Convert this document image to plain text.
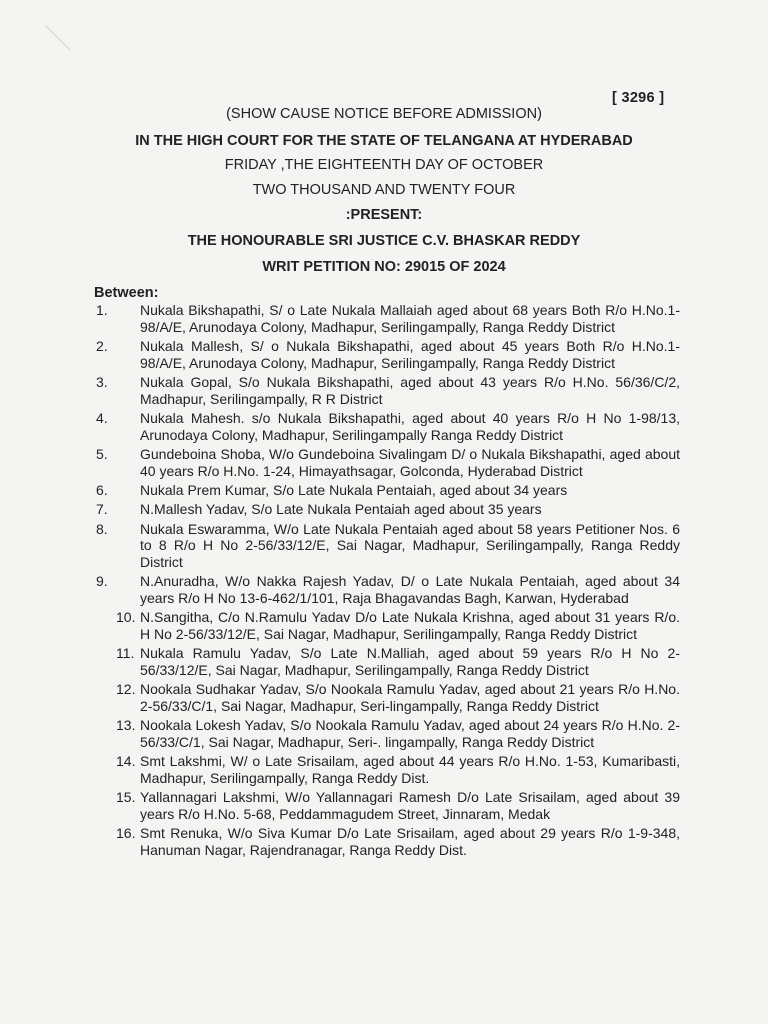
[ 3296 ]
(SHOW CAUSE NOTICE BEFORE ADMISSION)
IN THE HIGH COURT FOR THE STATE OF TELANGANA AT HYDERABAD
FRIDAY ,THE EIGHTEENTH DAY OF OCTOBER
TWO THOUSAND AND TWENTY FOUR
:PRESENT:
THE HONOURABLE SRI JUSTICE C.V. BHASKAR REDDY
WRIT PETITION NO: 29015 OF 2024
Between:
1.	Nukala Bikshapathi, S/ o Late Nukala Mallaiah aged about 68 years Both R/o H.No.1-98/A/E, Arunodaya Colony, Madhapur, Serilingampally, Ranga Reddy District
2.	Nukala Mallesh, S/ o Nukala Bikshapathi, aged about 45 years Both R/o H.No.1-98/A/E, Arunodaya Colony, Madhapur, Serilingampally, Ranga Reddy District
3.	Nukala Gopal, S/o Nukala Bikshapathi, aged about 43 years R/o H.No. 56/36/C/2, Madhapur, Serilingampally, R R District
4.	Nukala Mahesh. s/o Nukala Bikshapathi, aged about 40 years R/o H No 1-98/13, Arunodaya Colony, Madhapur, Serilingampally Ranga Reddy District
5.	Gundeboina Shoba, W/o Gundeboina Sivalingam D/ o Nukala Bikshapathi, aged about 40 years R/o H.No. 1-24, Himayathsagar, Golconda, Hyderabad District
6.	Nukala Prem Kumar, S/o Late Nukala Pentaiah, aged about 34 years
7.	N.Mallesh Yadav, S/o Late Nukala Pentaiah aged about 35 years
8.	Nukala Eswaramma, W/o Late Nukala Pentaiah aged about 58 years Petitioner Nos. 6 to 8 R/o H No 2-56/33/12/E, Sai Nagar, Madhapur, Serilingampally, Ranga Reddy District
9.	N.Anuradha, W/o Nakka Rajesh Yadav, D/ o Late Nukala Pentaiah, aged about 34 years R/o H No 13-6-462/1/101, Raja Bhagavandas Bagh, Karwan, Hyderabad
10. N.Sangitha, C/o N.Ramulu Yadav D/o Late Nukala Krishna, aged about 31 years R/o. H No 2-56/33/12/E, Sai Nagar, Madhapur, Serilingampally, Ranga Reddy District
11. Nukala Ramulu Yadav, S/o Late N.Malliah, aged about 59 years R/o H No 2-56/33/12/E, Sai Nagar, Madhapur, Serilingampally, Ranga Reddy District
12. Nookala Sudhakar Yadav, S/o Nookala Ramulu Yadav, aged about 21 years R/o H.No. 2-56/33/C/1, Sai Nagar, Madhapur, Seri-lingampally, Ranga Reddy District
13. Nookala Lokesh Yadav, S/o Nookala Ramulu Yadav, aged about 24 years R/o H.No. 2-56/33/C/1, Sai Nagar, Madhapur, Seri-. lingampally, Ranga Reddy District
14. Smt Lakshmi, W/ o Late Srisailam, aged about 44 years R/o H.No. 1-53, Kumaribasti, Madhapur, Serilingampally, Ranga Reddy Dist.
15. Yallannagari Lakshmi, W/o Yallannagari Ramesh D/o Late Srisailam, aged about 39 years R/o H.No. 5-68, Peddammagudem Street, Jinnaram, Medak
16. Smt Renuka, W/o Siva Kumar D/o Late Srisailam, aged about 29 years R/o 1-9-348, Hanuman Nagar, Rajendranagar, Ranga Reddy Dist.
